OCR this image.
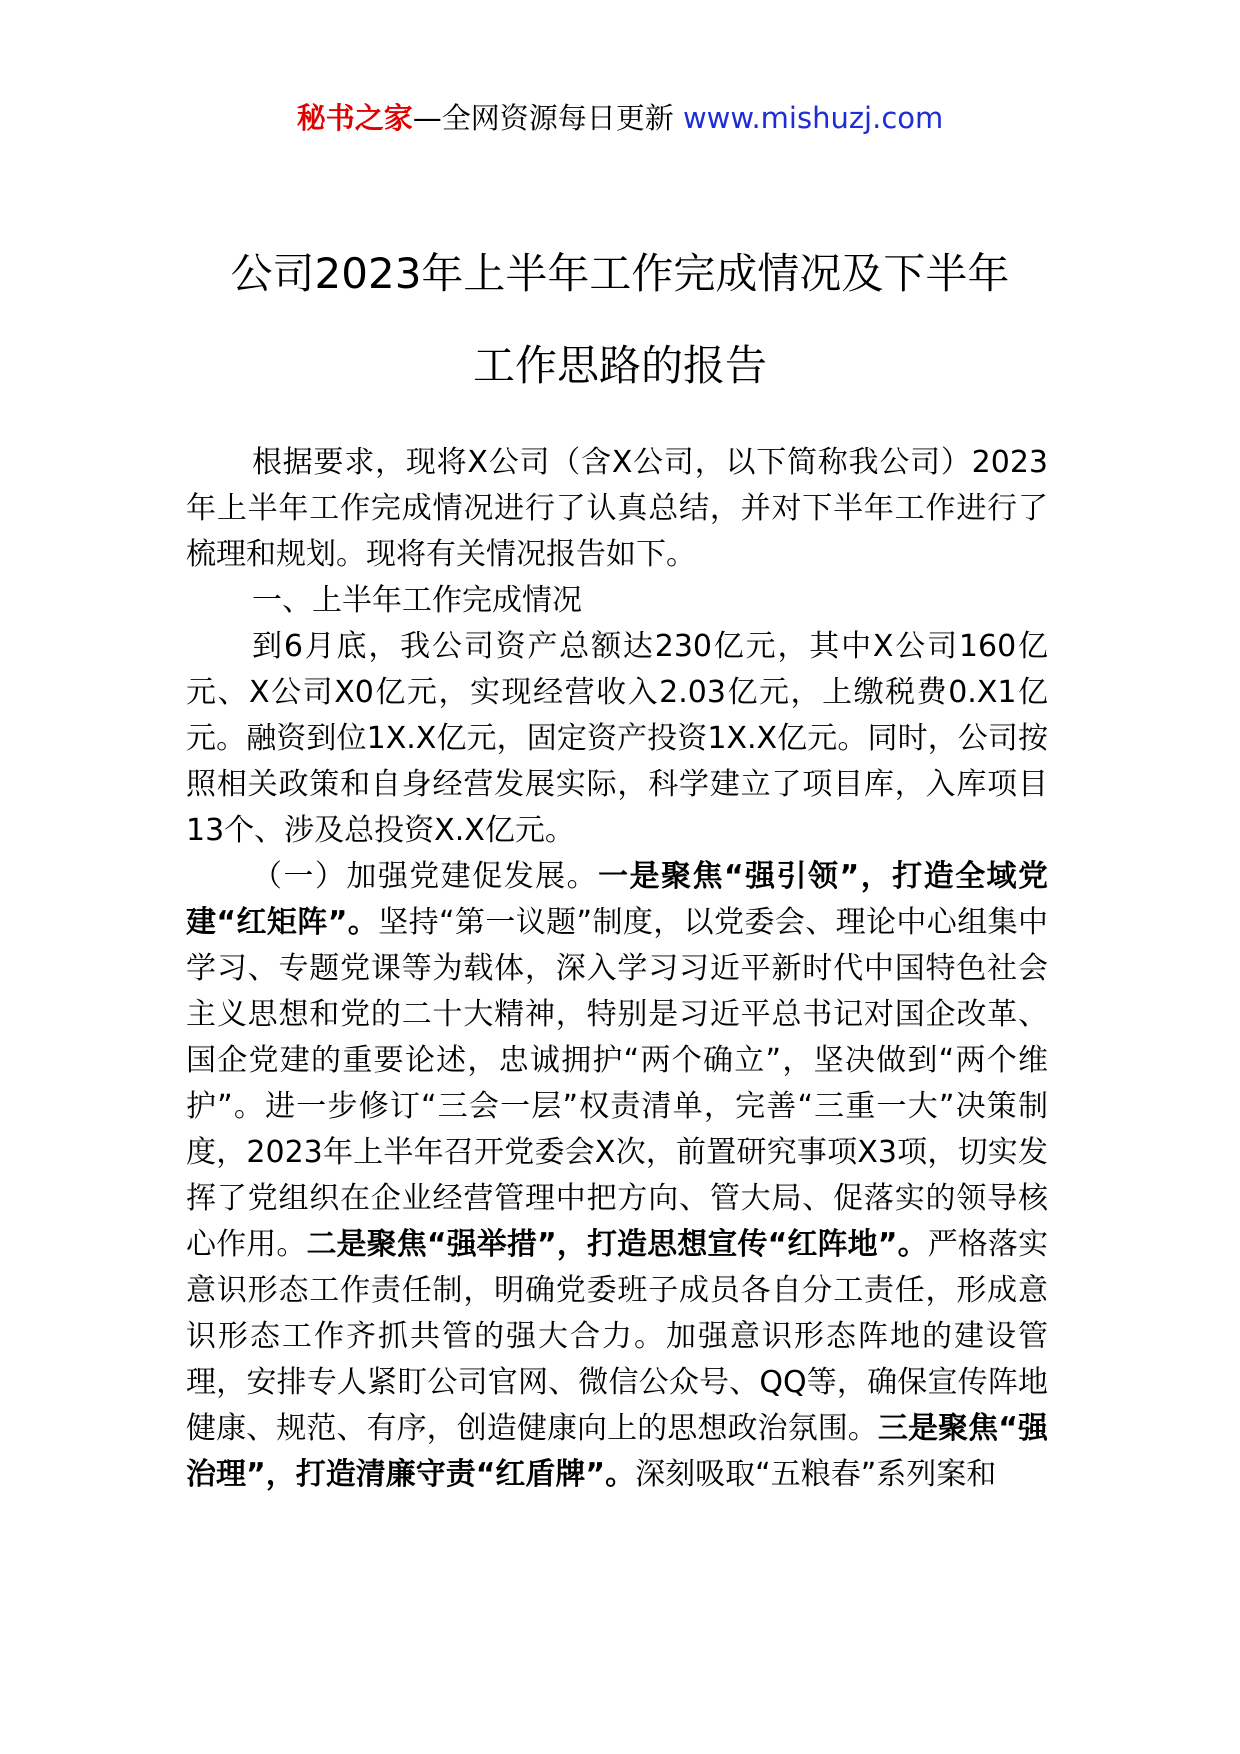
秘书之家—全网资源每日更新 www.mishuzj.com
公司2023年上半年工作完成情况及下半年
工作思路的报告

根据要求，现将X公司（含X公司，以下简称我公司）2023年上半年工作完成情况进行了认真总结，并对下半年工作进行了梳理和规划。现将有关情况报告如下。

一、上半年工作完成情况

到6月底，我公司资产总额达230亿元，其中X公司160亿元、X公司X0亿元，实现经营收入2.03亿元，上缴税费0.X1亿元。融资到位1X.X亿元，固定资产投资1X.X亿元。同时，公司按照相关政策和自身经营发展实际，科学建立了项目库，入库项目13个、涉及总投资X.X亿元。

（一）加强党建促发展。一是聚焦“强引领”，打造全域党建“红矩阵”。坚持“第一议题”制度，以党委会、理论中心组集中学习、专题党课等为载体，深入学习习近平新时代中国特色社会主义思想和党的二十大精神，特别是习近平总书记对国企改革、国企党建的重要论述，忠诚拥护“两个确立”，坚决做到“两个维护”。进一步修订“三会一层”权责清单，完善“三重一大”决策制度，2023年上半年召开党委会X次，前置研究事项X3项，切实发挥了党组织在企业经营管理中把方向、管大局、促落实的领导核心作用。二是聚焦“强举措”，打造思想宣传“红阵地”。严格落实意识形态工作责任制，明确党委班子成员各自分工责任，形成意识形态工作齐抓共管的强大合力。加强意识形态阵地的建设管理，安排专人紧盯公司官网、微信公众号、QQ等，确保宣传阵地健康、规范、有序，创造健康向上的思想政治氛围。三是聚焦“强治理”，打造清廉守责“红盾牌”。深刻吸取“五粮春”系列案和
